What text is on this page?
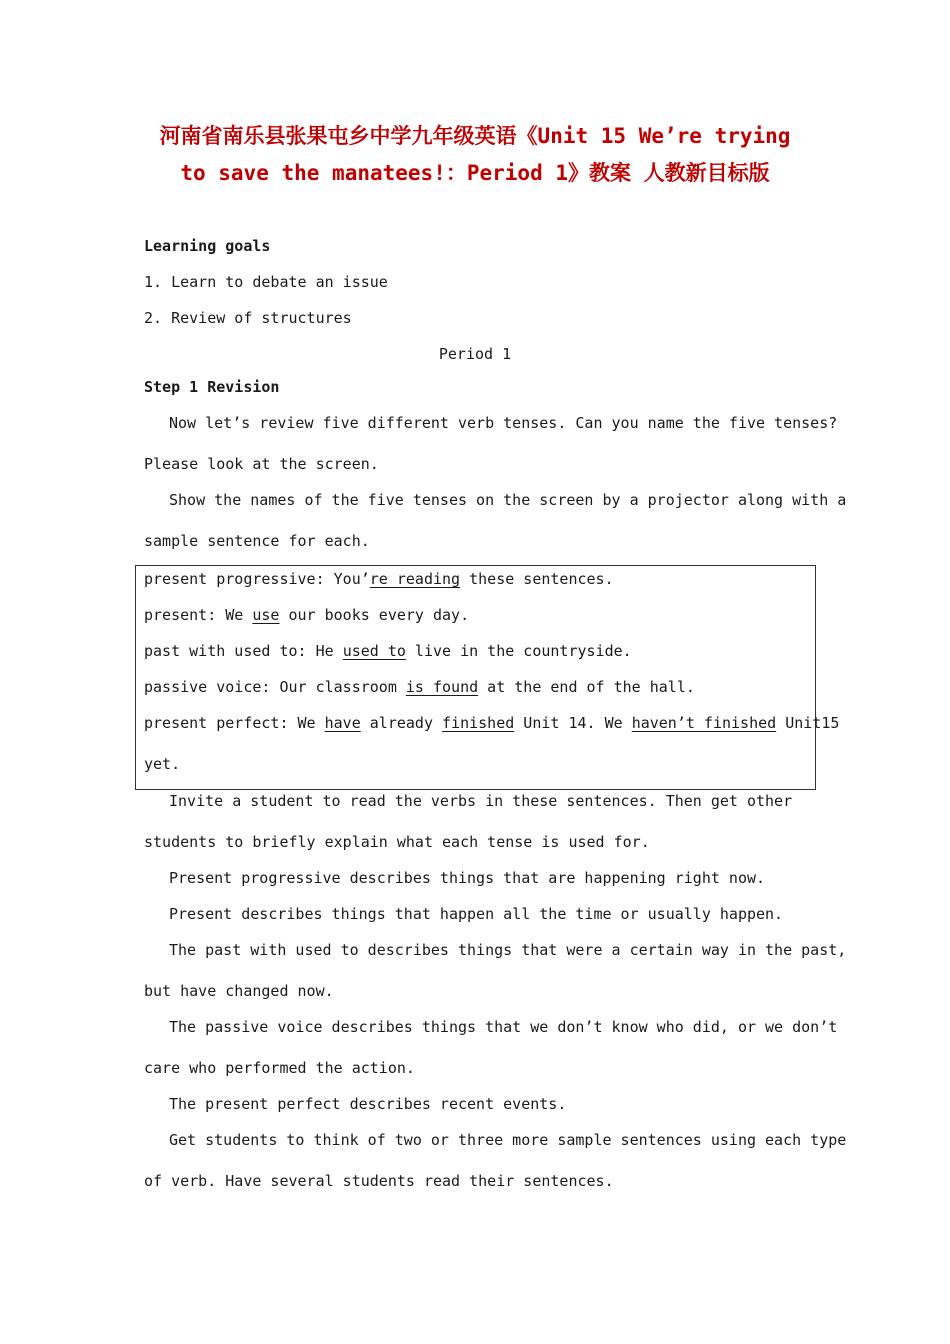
河南省南乐县张果屯乡中学九年级英语《Unit 15 We’re trying
to save the manatees!：Period 1》教案 人教新目标版
Learning goals
1. Learn to debate an issue
2. Review of structures
Period 1
Step 1 Revision
Now let’s review five different verb tenses. Can you name the five tenses?
Please look at the screen.
Show the names of the five tenses on the screen by a projector along with a
sample sentence for each.
present progressive: You’re reading these sentences.
present: We use our books every day.
past with used to: He used to live in the countryside.
passive voice: Our classroom is found at the end of the hall.
present perfect: We have already finished Unit 14. We haven’t finished Unit15
yet.
Invite a student to read the verbs in these sentences. Then get other
students to briefly explain what each tense is used for.
Present progressive describes things that are happening right now.
Present describes things that happen all the time or usually happen.
The past with used to describes things that were a certain way in the past,
but have changed now.
The passive voice describes things that we don’t know who did, or we don’t
care who performed the action.
The present perfect describes recent events.
Get students to think of two or three more sample sentences using each type
of verb. Have several students read their sentences.
